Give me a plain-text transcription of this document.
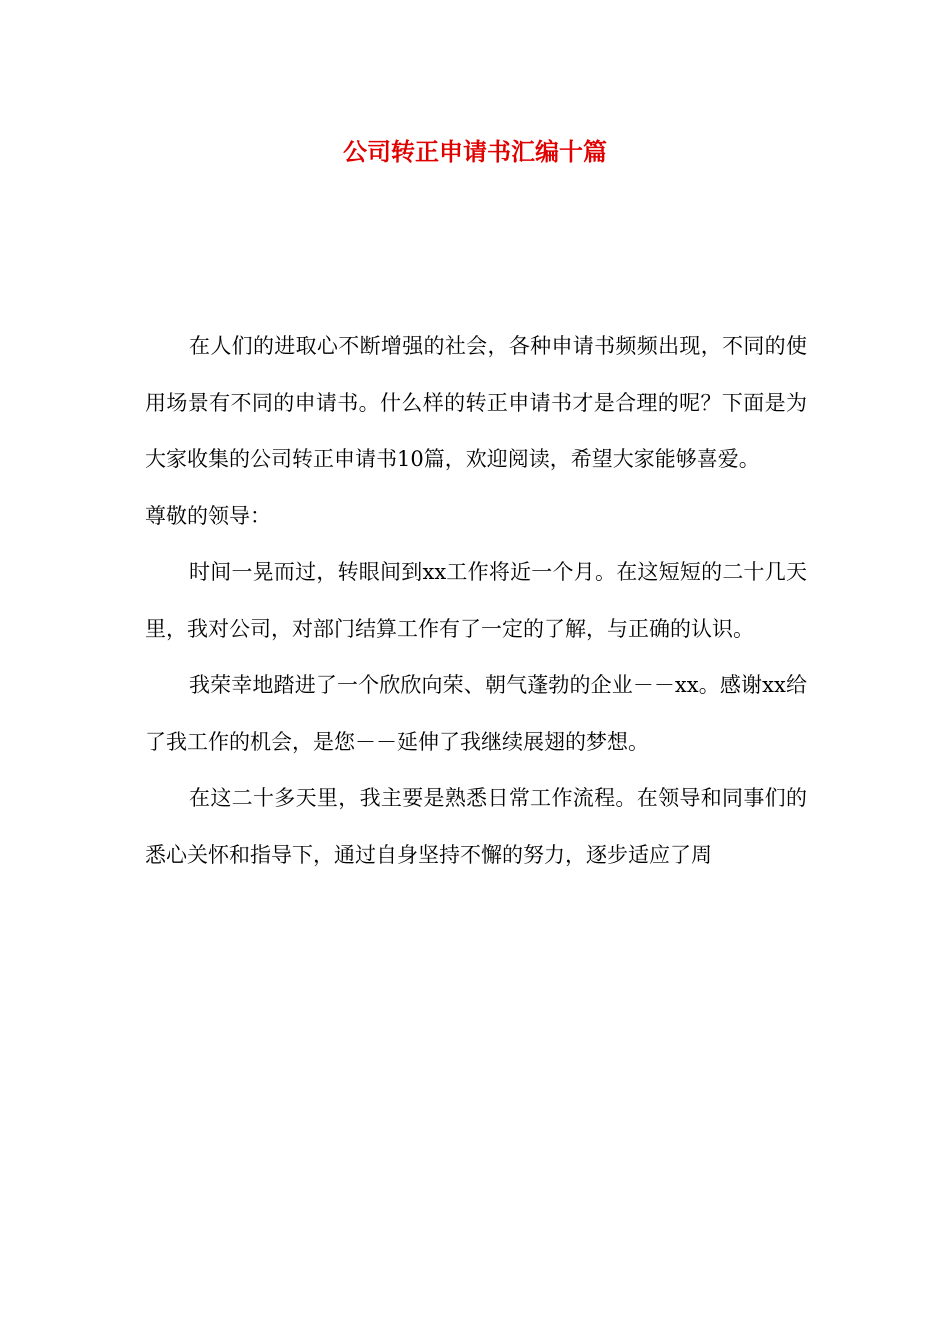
公司转正申请书汇编十篇

在人们的进取心不断增强的社会，各种申请书频频出现，不同的使用场景有不同的申请书。什么样的转正申请书才是合理的呢？下面是为大家收集的公司转正申请书10篇，欢迎阅读，希望大家能够喜爱。

尊敬的领导：

时间一晃而过，转眼间到xx工作将近一个月。在这短短的二十几天里，我对公司，对部门结算工作有了一定的了解，与正确的认识。

我荣幸地踏进了一个欣欣向荣、朝气蓬勃的企业－－xx。感谢xx给了我工作的机会，是您－－延伸了我继续展翅的梦想。

在这二十多天里，我主要是熟悉日常工作流程。在领导和同事们的悉心关怀和指导下，通过自身坚持不懈的努力，逐步适应了周
